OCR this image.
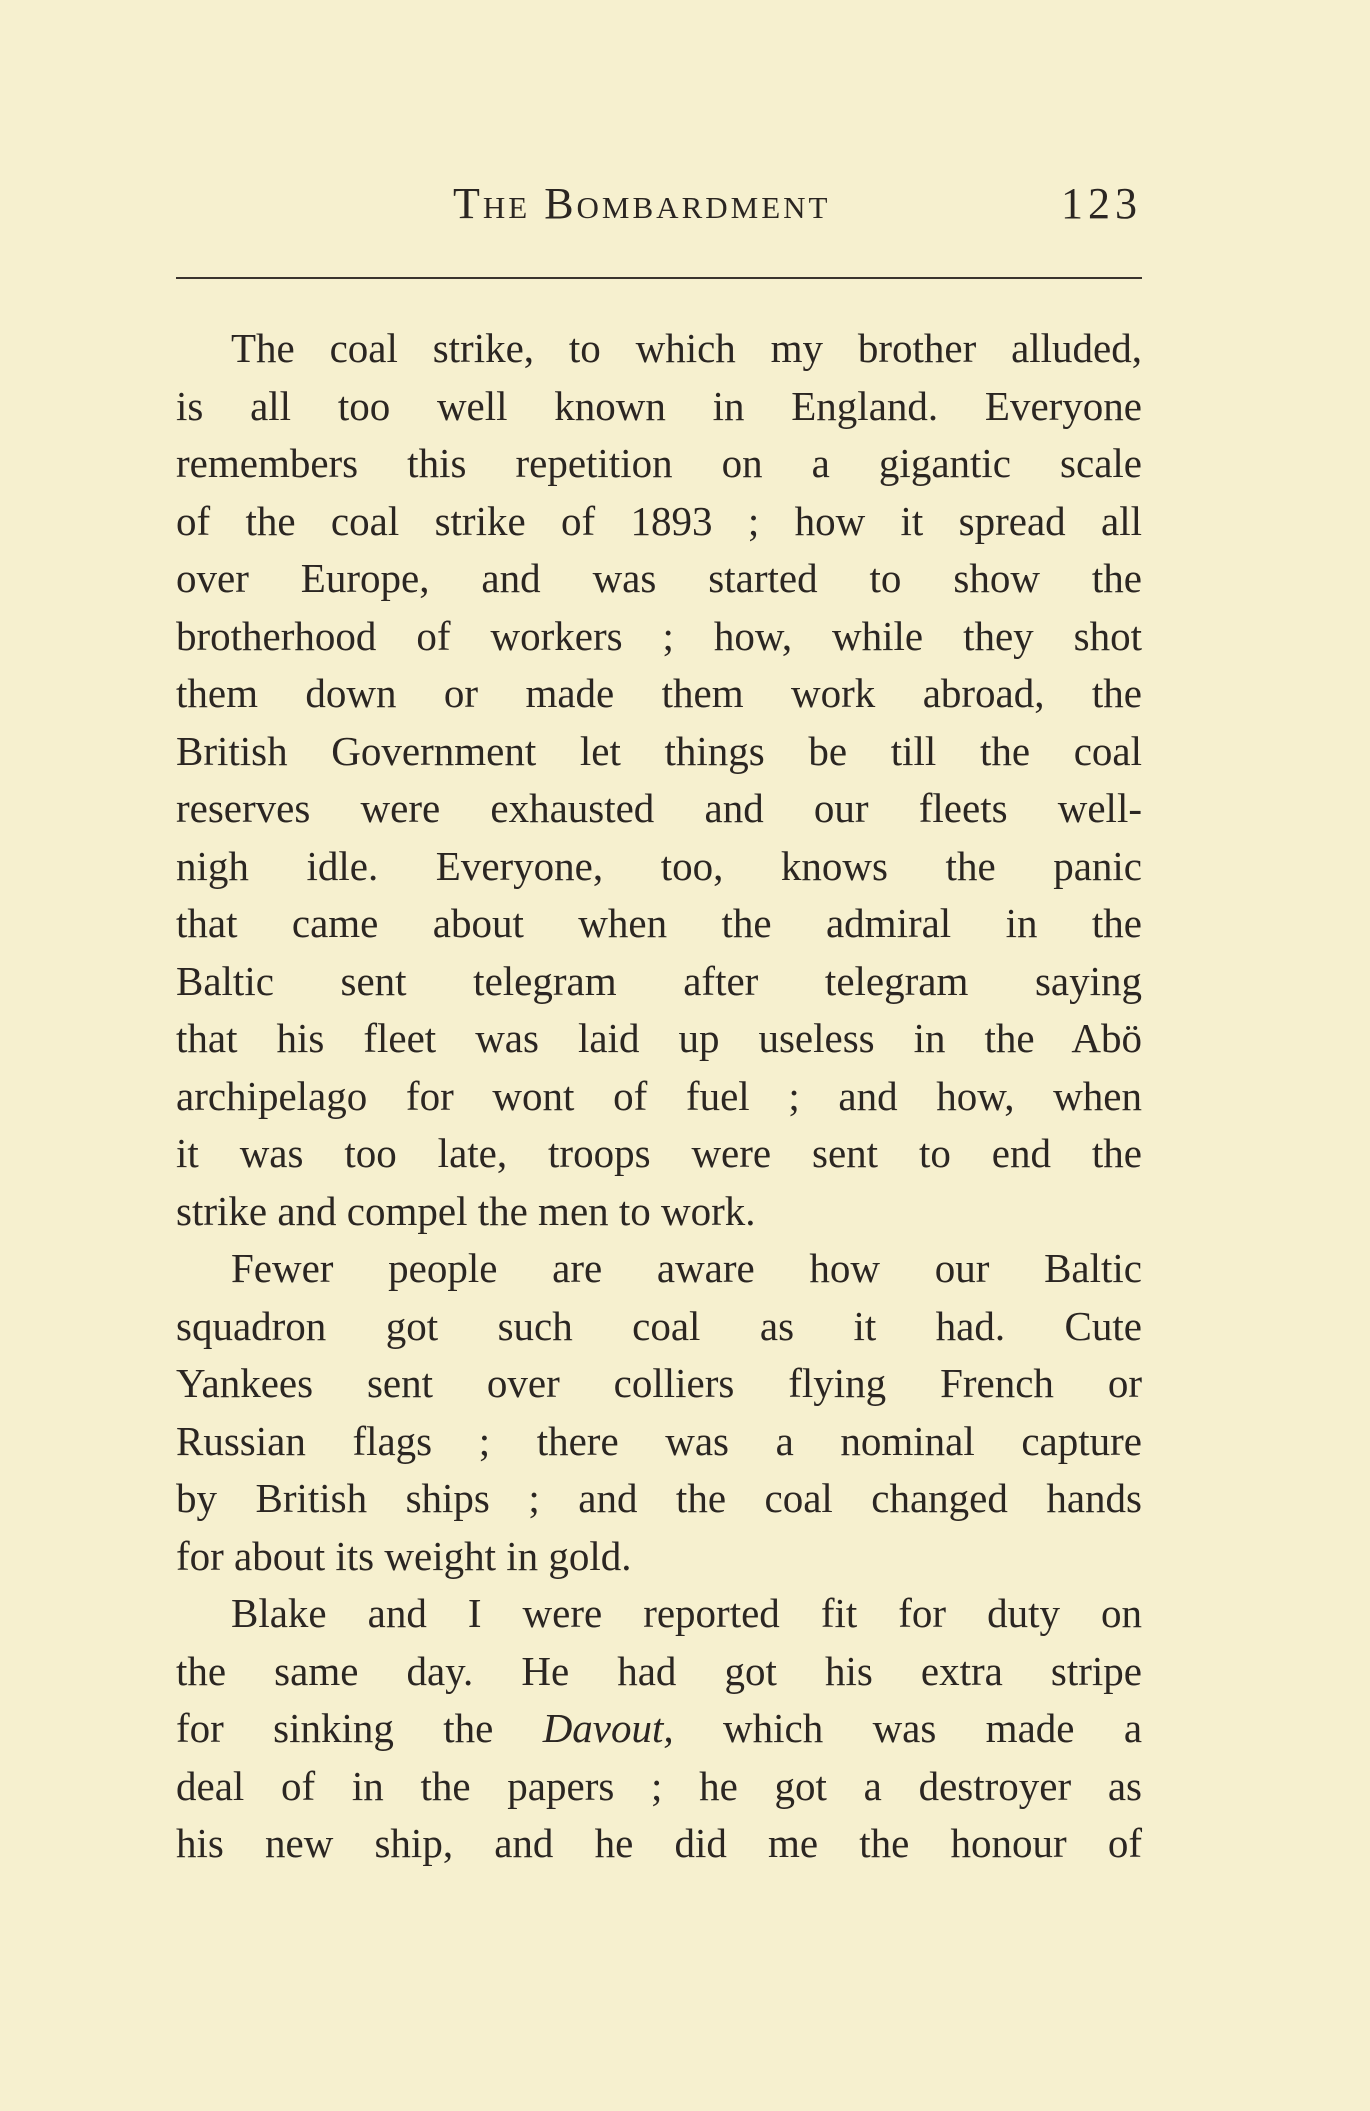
The Bombardment	123
The coal strike, to which my brother alluded,
is all too well known in England. Everyone
remembers this repetition on a gigantic scale
of the coal strike of 1893 ; how it spread all
over Europe, and was started to show the
brotherhood of workers ; how, while they shot
them down or made them work abroad, the
British Government let things be till the coal
reserves were exhausted and our fleets well-
nigh idle. Everyone, too, knows the panic
that came about when the admiral in the
Baltic sent telegram after telegram saying
that his fleet was laid up useless in the Abö
archipelago for wont of fuel ; and how, when
it was too late, troops were sent to end the
strike and compel the men to work.
Fewer people are aware how our Baltic
squadron got such coal as it had. Cute
Yankees sent over colliers flying French or
Russian flags ; there was a nominal capture
by British ships ; and the coal changed hands
for about its weight in gold.
Blake and I were reported fit for duty on
the same day. He had got his extra stripe
for sinking the Davout, which was made a
deal of in the papers ; he got a destroyer as
his new ship, and he did me the honour of
